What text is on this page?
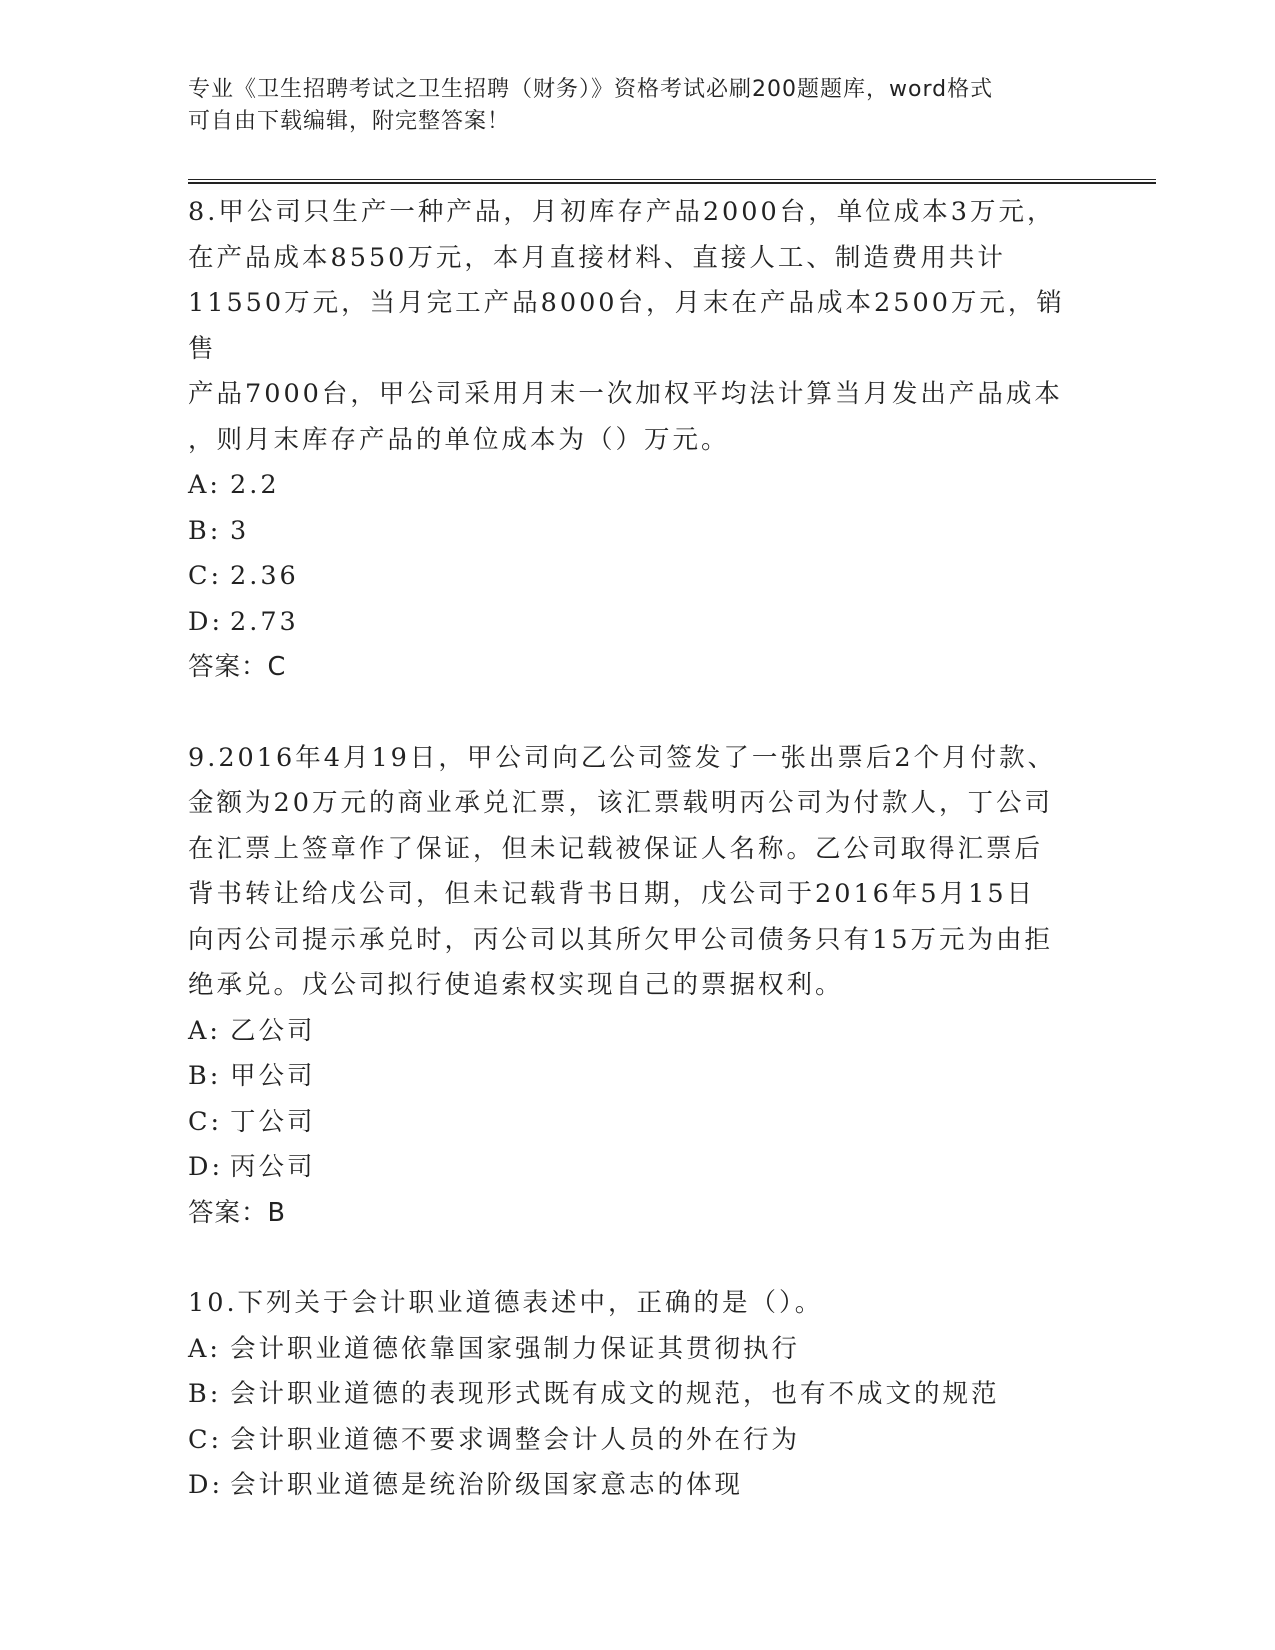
专业《卫生招聘考试之卫生招聘（财务）》资格考试必刷200题题库，word格式
可自由下载编辑，附完整答案！

8.甲公司只生产一种产品，月初库存产品2000台，单位成本3万元，
在产品成本8550万元，本月直接材料、直接人工、制造费用共计
11550万元，当月完工产品8000台，月末在产品成本2500万元，销售
产品7000台，甲公司采用月末一次加权平均法计算当月发出产品成本
，则月末库存产品的单位成本为（）万元。

A: 2.2

B: 3

C: 2.36

D: 2.73

答案：C

9.2016年4月19日，甲公司向乙公司签发了一张出票后2个月付款、
金额为20万元的商业承兑汇票，该汇票载明丙公司为付款人，丁公司
在汇票上签章作了保证，但未记载被保证人名称。乙公司取得汇票后
背书转让给戊公司，但未记载背书日期，戊公司于2016年5月15日
向丙公司提示承兑时，丙公司以其所欠甲公司债务只有15万元为由拒
绝承兑。戊公司拟行使追索权实现自己的票据权利。

A: 乙公司

B: 甲公司

C: 丁公司

D: 丙公司

答案：B

10.下列关于会计职业道德表述中，正确的是（）。

A: 会计职业道德依靠国家强制力保证其贯彻执行

B: 会计职业道德的表现形式既有成文的规范，也有不成文的规范

C: 会计职业道德不要求调整会计人员的外在行为

D: 会计职业道德是统治阶级国家意志的体现
